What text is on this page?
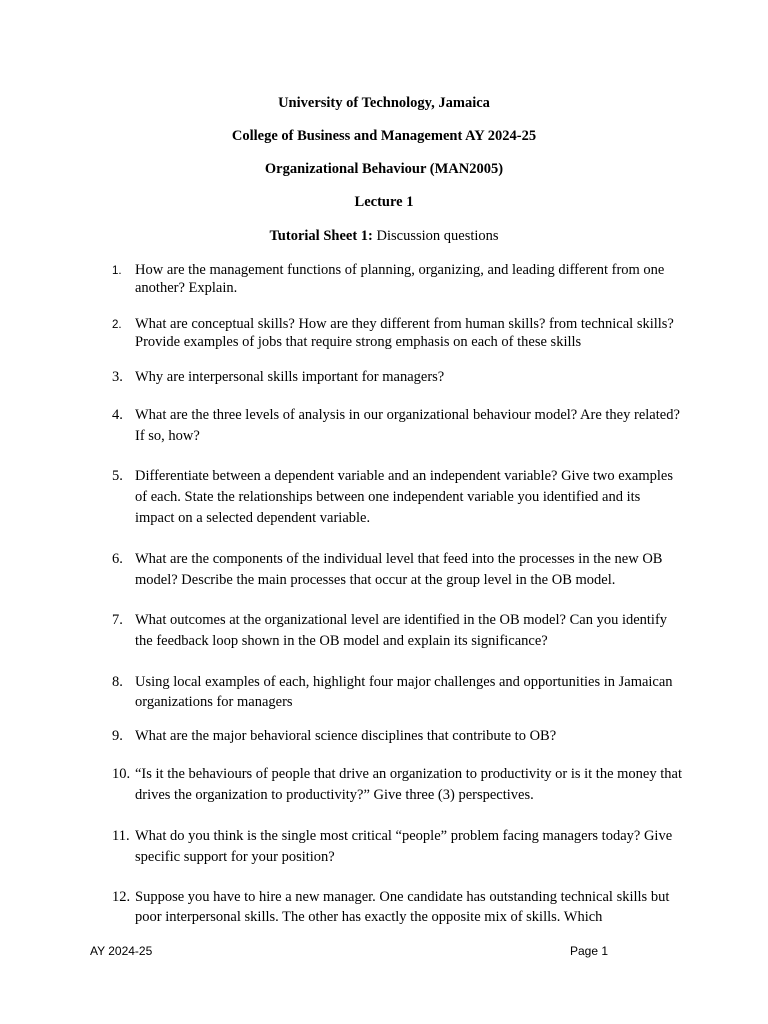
University of Technology, Jamaica

College of Business and Management AY 2024-25

Organizational Behaviour (MAN2005)

Lecture 1

Tutorial Sheet 1: Discussion questions

1. How are the management functions of planning, organizing, and leading different from one another? Explain.

2. What are conceptual skills? How are they different from human skills? from technical skills? Provide examples of jobs that require strong emphasis on each of these skills

3. Why are interpersonal skills important for managers?

4. What are the three levels of analysis in our organizational behaviour model? Are they related? If so, how?

5. Differentiate between a dependent variable and an independent variable? Give two examples of each. State the relationships between one independent variable you identified and its impact on a selected dependent variable.

6. What are the components of the individual level that feed into the processes in the new OB model? Describe the main processes that occur at the group level in the OB model.

7. What outcomes at the organizational level are identified in the OB model? Can you identify the feedback loop shown in the OB model and explain its significance?

8. Using local examples of each, highlight four major challenges and opportunities in Jamaican organizations for managers

9. What are the major behavioral science disciplines that contribute to OB?

10. “Is it the behaviours of people that drive an organization to productivity or is it the money that drives the organization to productivity?” Give three (3) perspectives.

11. What do you think is the single most critical “people” problem facing managers today? Give specific support for your position?

12. Suppose you have to hire a new manager. One candidate has outstanding technical skills but poor interpersonal skills. The other has exactly the opposite mix of skills. Which

AY 2024-25	Page 1
